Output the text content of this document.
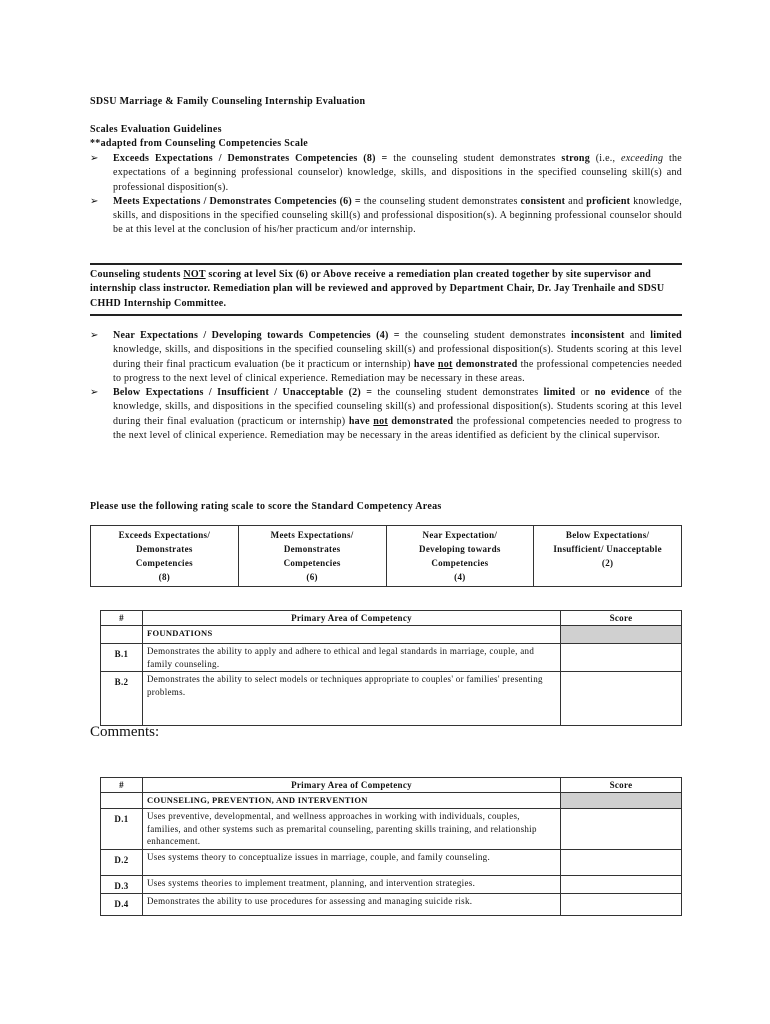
SDSU Marriage & Family Counseling Internship Evaluation
Scales Evaluation Guidelines
**adapted from Counseling Competencies Scale
➢ Exceeds Expectations / Demonstrates Competencies (8) = the counseling student demonstrates strong (i.e., exceeding the expectations of a beginning professional counselor) knowledge, skills, and dispositions in the specified counseling skill(s) and professional disposition(s).
➢ Meets Expectations / Demonstrates Competencies (6) = the counseling student demonstrates consistent and proficient knowledge, skills, and dispositions in the specified counseling skill(s) and professional disposition(s). A beginning professional counselor should be at this level at the conclusion of his/her practicum and/or internship.
Counseling students NOT scoring at level Six (6) or Above receive a remediation plan created together by site supervisor and internship class instructor. Remediation plan will be reviewed and approved by Department Chair, Dr. Jay Trenhaile and SDSU CHHD Internship Committee.
➢ Near Expectations / Developing towards Competencies (4) = the counseling student demonstrates inconsistent and limited knowledge, skills, and dispositions in the specified counseling skill(s) and professional disposition(s). Students scoring at this level during their final practicum evaluation (be it practicum or internship) have not demonstrated the professional competencies needed to progress to the next level of clinical experience. Remediation may be necessary in these areas.
➢ Below Expectations / Insufficient / Unacceptable (2) = the counseling student demonstrates limited or no evidence of the knowledge, skills, and dispositions in the specified counseling skill(s) and professional disposition(s). Students scoring at this level during their final evaluation (practicum or internship) have not demonstrated the professional competencies needed to progress to the next level of clinical experience. Remediation may be necessary in the areas identified as deficient by the clinical supervisor.
Please use the following rating scale to score the Standard Competency Areas
Exceeds Expectations/
Demonstrates
Competencies
(8)

Meets Expectations/
Demonstrates
Competencies
(6)

Near Expectation/
Developing towards
Competencies
(4)

Below Expectations/
Insufficient/ Unacceptable
(2)
#	Primary Area of Competency	Score
	FOUNDATIONS	
B.1	Demonstrates the ability to apply and adhere to ethical and legal standards in marriage, couple, and family counseling.	
B.2	Demonstrates the ability to select models or techniques appropriate to couples' or families' presenting problems.	
Comments:
#	Primary Area of Competency	Score
	COUNSELING, PREVENTION, AND INTERVENTION	
D.1	Uses preventive, developmental, and wellness approaches in working with individuals, couples, families, and other systems such as premarital counseling, parenting skills training, and relationship enhancement.	
D.2	Uses systems theory to conceptualize issues in marriage, couple, and family counseling.	
D.3	Uses systems theories to implement treatment, planning, and intervention strategies.	
D.4	Demonstrates the ability to use procedures for assessing and managing suicide risk.	
